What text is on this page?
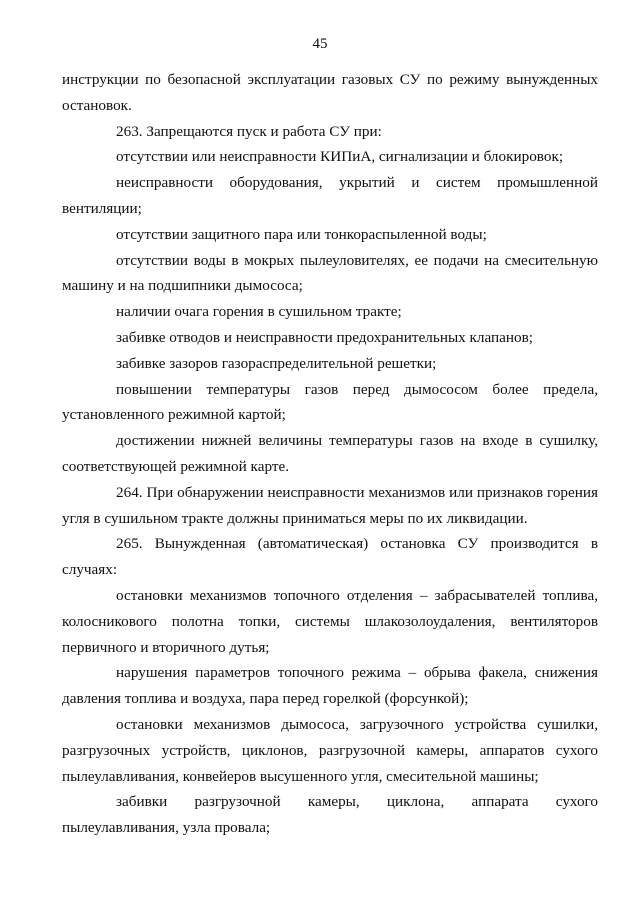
45

инструкции по безопасной эксплуатации газовых СУ по режиму вынужденных остановок.

263. Запрещаются пуск и работа СУ при:

отсутствии или неисправности КИПиА, сигнализации и блокировок;

неисправности оборудования, укрытий и систем промышленной вентиляции;

отсутствии защитного пара или тонкораспыленной воды;

отсутствии воды в мокрых пылеуловителях, ее подачи на смесительную машину и на подшипники дымососа;

наличии очага горения в сушильном тракте;

забивке отводов и неисправности предохранительных клапанов;

забивке зазоров газораспределительной решетки;

повышении температуры газов перед дымососом более предела, установленного режимной картой;

достижении нижней величины температуры газов на входе в сушилку, соответствующей режимной карте.

264. При обнаружении неисправности механизмов или признаков горения угля в сушильном тракте должны приниматься меры по их ликвидации.

265. Вынужденная (автоматическая) остановка СУ производится в случаях:

остановки механизмов топочного отделения – забрасывателей топлива, колосникового полотна топки, системы шлакозолоудаления, вентиляторов первичного и вторичного дутья;

нарушения параметров топочного режима – обрыва факела, снижения давления топлива и воздуха, пара перед горелкой (форсункой);

остановки механизмов дымососа, загрузочного устройства сушилки, разгрузочных устройств, циклонов, разгрузочной камеры, аппаратов сухого пылеулавливания, конвейеров высушенного угля, смесительной машины;

забивки разгрузочной камеры, циклона, аппарата сухого пылеулавливания, узла провала;
